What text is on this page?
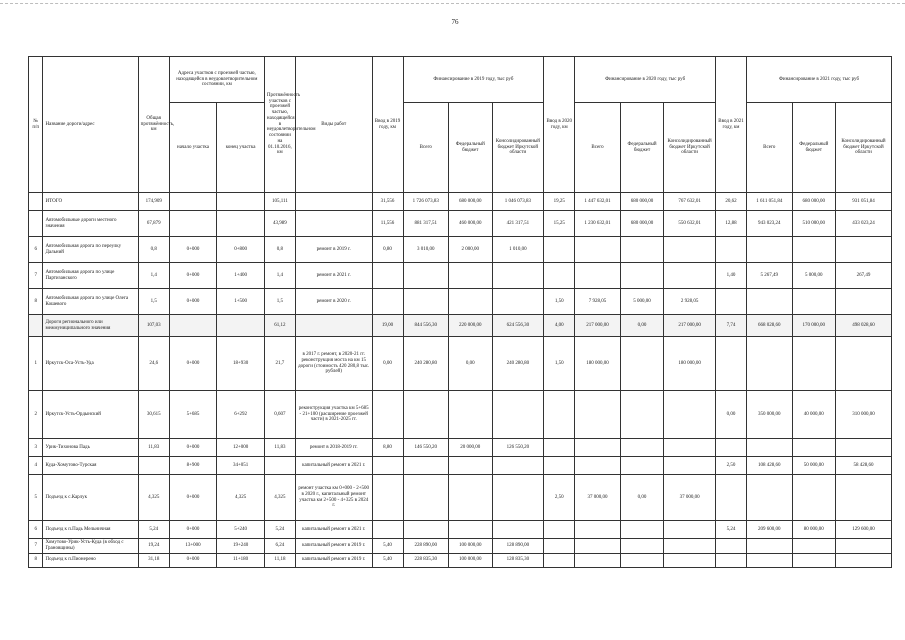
76
№ п/п	Название дороги/адрес	Общая протяжённость, км	Адреса участков с проезжей частью, находящейся в неудовлетворительном состоянии, км		Протяжённость участков с проезжей частью, находящейся в неудовлетворительном состоянии на 01.10.2016, км	Виды работ	Ввод в 2019 году, км	Финансирование в 2019 году, тыс руб			Ввод в 2020 году, км	Финансирование в 2020 году, тыс руб			Ввод в 2021 году, км	Финансирование в 2021 году, тыс руб		
			начало участка	конец участка				Всего	Федеральный бюджет	Консолидированный бюджет Иркутской области		Всего	Федеральный бюджет	Консолидированный бюджет Иркутской области		Всего	Федеральный бюджет	Консолидированный бюджет Иркутской области
	ИТОГО	174,909			105,111		31,556	1 726 073,83	680 000,00	1 046 073,83	19,25	1 447 632,01	680 000,00	767 632,01	20,62	1 611 051,84	680 000,00	931 051,84
	Автомобильные дороги местного значения	67,879			43,989		11,556	881 317,51	460 000,00	421 317,51	15,25	1 230 632,01	680 000,00	550 632,01	12,88	943 023,24	510 000,00	433 023,24
6	Автомобильная дорога по переулку Дальний	0,8	0+000	0+800	0,8	ремонт в 2019 г.	0,80	3 010,00	2 000,00	1 010,00								
7	Автомобильная дорога по улице Партизанского	1,4	0+000	1+400	1,4	ремонт в 2021 г.									1,40	5 267,49	5 000,00	267,49
8	Автомобильная дорога по улице Олега Кошевого	1,5	0+000	1+500	1,5	ремонт в 2020 г.					1,50	7 928,05	5 000,00	2 928,05				
	Дороги регионального или межмуниципального значения	107,03			61,12		19,00	844 556,30	220 000,00	624 556,30	4,00	217 000,00	0,00	217 000,00	7,74	668 028,60	170 000,00	498 028,60
1	Иркутск-Оса-Усть-Уда	24,6	0+000	18+930	21,7	в 2017 г. ремонт, в 2020-21 гг. реконструкция моста на км 15 дороги (стоимость 420 280,8 тыс. рублей)	0,00	240 280,80	0,00	240 280,80	1,50	180 000,00		180 000,00				
2	Иркутск-Усть-Ордынский	30,615	5+685	6+292	0,607	реконструкция участка км 5+685 - 21+100 (расширение проезжей части) в 2021-2025 гг.									0,00	350 000,00	40 000,00	310 000,00
3	Урик-Тихонова Падь	11,83	0+000	12+000	11,83	ремонт в 2018-2019 гг.	8,80	146 550,20	20 000,00	126 550,20								
4	Куда-Хомутово-Турская		8+900	34+051		капитальный ремонт в 2021 г.									2,50	108 428,60	50 000,00	58 428,60
5	Подъезд к с.Карлук	4,325	0+000	4,325	4,325	ремонт участка км 0+000 - 2+500 в 2020 г., капитальный ремонт участка км 2+500 - 4+325 в 2024 г.					2,50	37 000,00	0,00	37 000,00				
6	Подъезд к п.Падь Мельничная	5,24	0+000	5+240	5,24	капитальный ремонт в 2021 г.									5,24	209 600,00	80 000,00	129 600,00
7	Хомутово-Урик-Усть-Куда (в обход с Грановщины)	19,24	13+000	19+240	6,24	капитальный ремонт в 2019 г.	5,40	228 890,00	100 000,00	128 890,00								
8	Подъезд к п.Пионерено	31,18	0+000	11+180	11,18	капитальный ремонт в 2019 г.	5,40	228 835,30	100 000,00	128 835,30								
